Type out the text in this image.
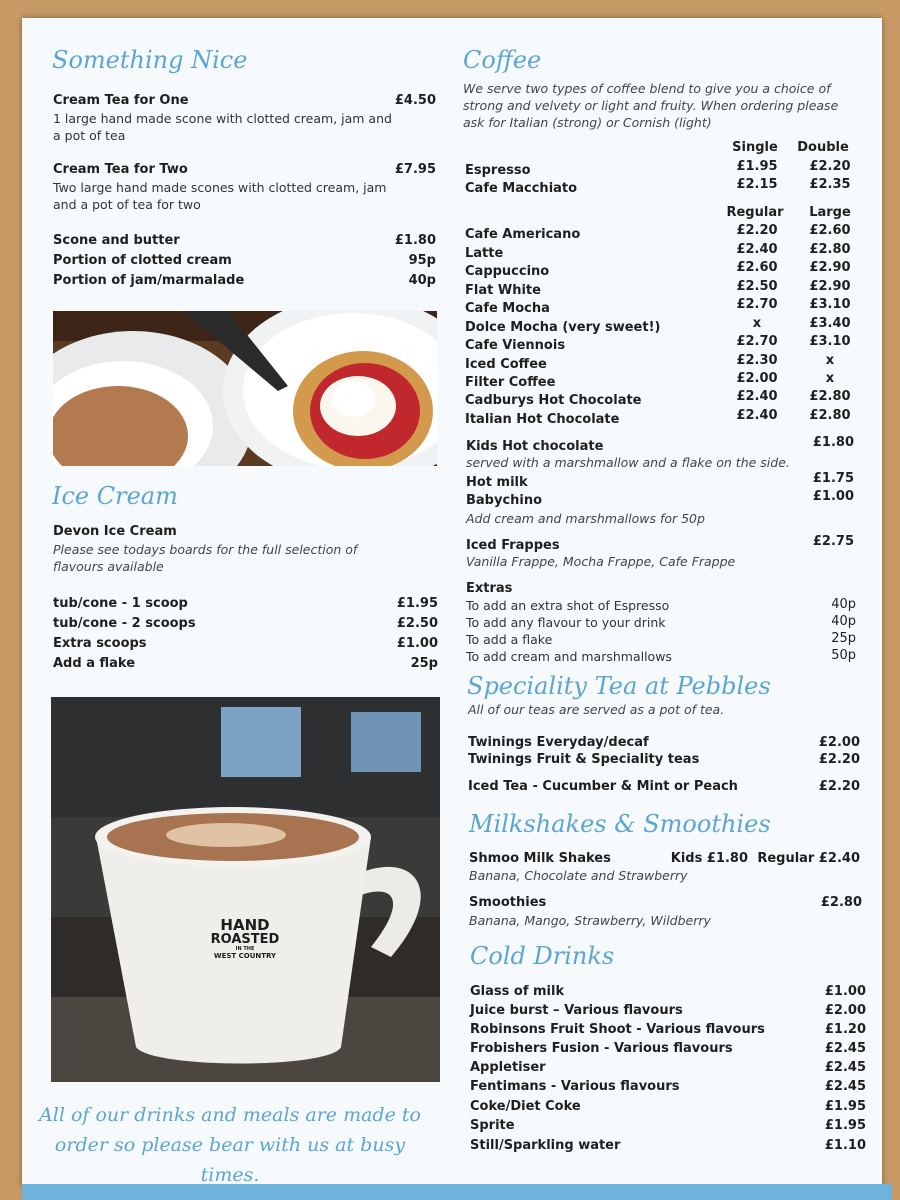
Something Nice
Cream Tea for One	£4.50
1 large hand made scone with clotted cream, jam and a pot of tea
Cream Tea for Two	£7.95
Two large hand made scones with clotted cream, jam and a pot of tea for two
Scone and butter	£1.80
Portion of clotted cream	95p
Portion of jam/marmalade	40p
Ice Cream
Devon Ice Cream
Please see todays boards for the full selection of flavours available
tub/cone - 1 scoop	£1.95
tub/cone - 2 scoops	£2.50
Extra scoops	£1.00
Add a flake	25p
HAND
ROASTED
IN THE
WEST COUNTRY
All of our drinks and meals are made to order so please bear with us at busy times.
Coffee
We serve two types of coffee blend to give you a choice of strong and velvety or light and fruity. When ordering please ask for Italian (strong) or Cornish (light)
Single	Double
Espresso	£1.95	£2.20
Cafe Macchiato	£2.15	£2.35
Regular	Large
Cafe Americano	£2.20	£2.60
Latte	£2.40	£2.80
Cappuccino	£2.60	£2.90
Flat White	£2.50	£2.90
Cafe Mocha	£2.70	£3.10
Dolce Mocha (very sweet!)	x	£3.40
Cafe Viennois	£2.70	£3.10
Iced Coffee	£2.30	x
Filter Coffee	£2.00	x
Cadburys Hot Chocolate	£2.40	£2.80
Italian Hot Chocolate	£2.40	£2.80
Kids Hot chocolate	£1.80
served with a marshmallow and a flake on the side.
Hot milk	£1.75
Babychino	£1.00
Add cream and marshmallows for 50p
Iced Frappes	£2.75
Vanilla Frappe, Mocha Frappe, Cafe Frappe
Extras
To add an extra shot of Espresso	40p
To add any flavour to your drink	40p
To add a flake	25p
To add cream and marshmallows	50p
Speciality Tea at Pebbles
All of our teas are served as a pot of tea.
Twinings Everyday/decaf	£2.00
Twinings Fruit & Speciality teas	£2.20
Iced Tea - Cucumber & Mint or Peach	£2.20
Milkshakes & Smoothies
Shmoo Milk Shakes	Kids £1.80 Regular £2.40
Banana, Chocolate and Strawberry
Smoothies	£2.80
Banana, Mango, Strawberry, Wildberry
Cold Drinks
Glass of milk	£1.00
Juice burst – Various flavours	£2.00
Robinsons Fruit Shoot - Various flavours	£1.20
Frobishers Fusion - Various flavours	£2.45
Appletiser	£2.45
Fentimans - Various flavours	£2.45
Coke/Diet Coke	£1.95
Sprite	£1.95
Still/Sparkling water	£1.10
